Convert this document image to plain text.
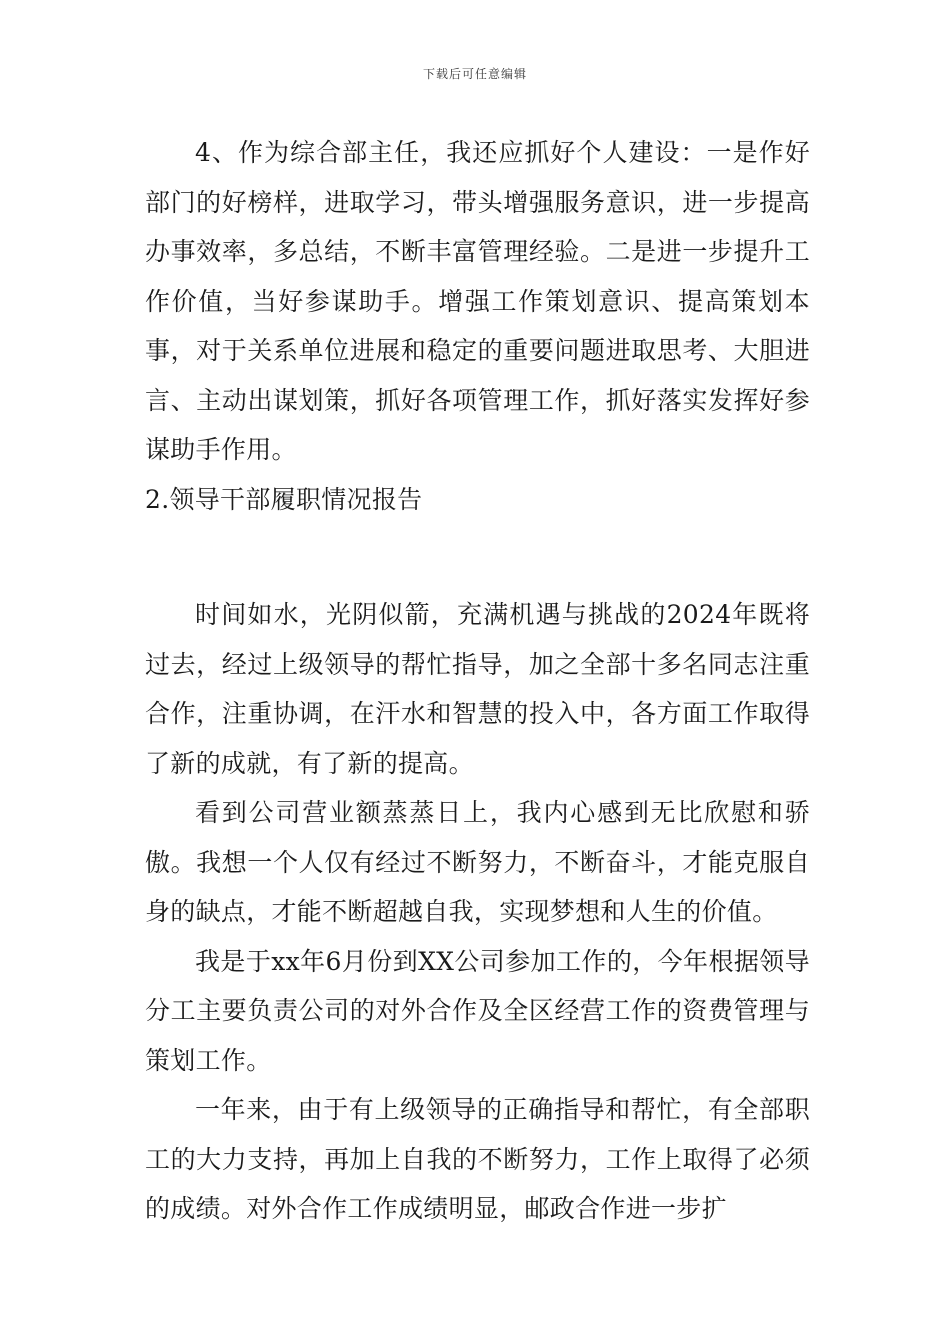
下载后可任意编辑

4、作为综合部主任，我还应抓好个人建设：一是作好部门的好榜样，进取学习，带头增强服务意识，进一步提高办事效率，多总结，不断丰富管理经验。二是进一步提升工作价值，当好参谋助手。增强工作策划意识、提高策划本事，对于关系单位进展和稳定的重要问题进取思考、大胆进言、主动出谋划策，抓好各项管理工作，抓好落实发挥好参谋助手作用。

2.领导干部履职情况报告

时间如水，光阴似箭，充满机遇与挑战的2024年既将过去，经过上级领导的帮忙指导，加之全部十多名同志注重合作，注重协调，在汗水和智慧的投入中，各方面工作取得了新的成就，有了新的提高。

看到公司营业额蒸蒸日上，我内心感到无比欣慰和骄傲。我想一个人仅有经过不断努力，不断奋斗，才能克服自身的缺点，才能不断超越自我，实现梦想和人生的价值。

我是于xx年6月份到XX公司参加工作的，今年根据领导分工主要负责公司的对外合作及全区经营工作的资费管理与策划工作。

一年来，由于有上级领导的正确指导和帮忙，有全部职工的大力支持，再加上自我的不断努力，工作上取得了必须的成绩。对外合作工作成绩明显，邮政合作进一步扩
